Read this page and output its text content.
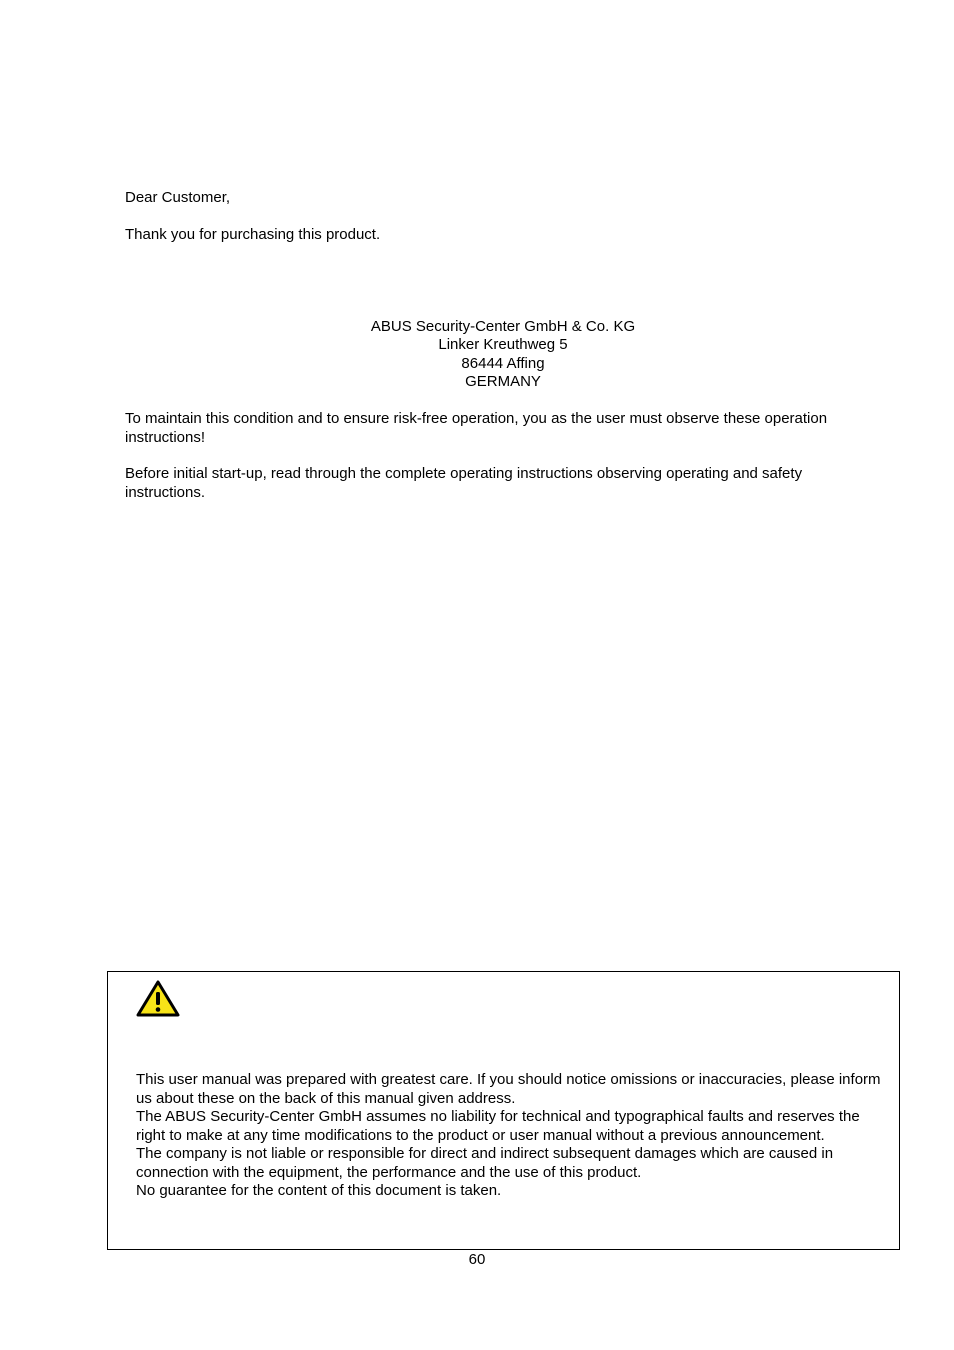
Dear Customer,

Thank you for purchasing this product.

ABUS Security-Center GmbH & Co. KG
Linker Kreuthweg 5
86444 Affing
GERMANY

To maintain this condition and to ensure risk-free operation, you as the user must observe these operation instructions!

Before initial start-up, read through the complete operating instructions observing operating and safety instructions.

This user manual was prepared with greatest care. If you should notice omissions or inaccuracies, please inform us about these on the back of this manual given address.
The ABUS Security-Center GmbH assumes no liability for technical and typographical faults and reserves the right to make at any time modifications to the product or user manual without a previous announcement.
The company is not liable or responsible for direct and indirect subsequent damages which are caused in connection with the equipment, the performance and the use of this product.
No guarantee for the content of this document is taken.
60
